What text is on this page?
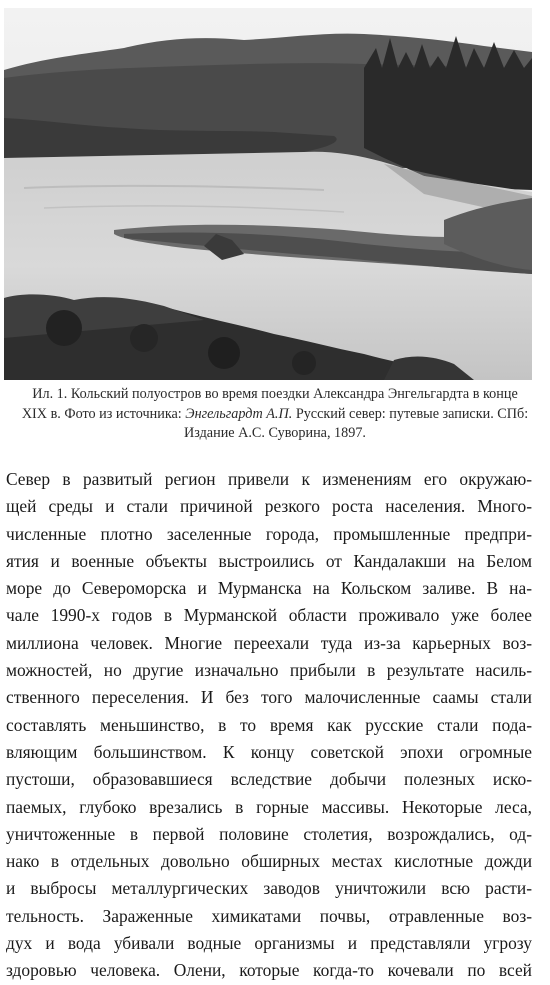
Ил. 1. Кольский полуостров во время поездки Александра Энгельгардта в конце XIX в. Фото из источника: Энгельгардт А.П. Русский север: путевые записки. СПб: Издание А.С. Суворина, 1897.
Север в развитый регион привели к изменениям его окружаю-
щей среды и стали причиной резкого роста населения. Много-
численные плотно заселенные города, промышленные предпри-
ятия и военные объекты выстроились от Кандалакши на Белом
море до Североморска и Мурманска на Кольском заливе. В на-
чале 1990-х годов в Мурманской области проживало уже более
миллиона человек. Многие переехали туда из-за карьерных воз-
можностей, но другие изначально прибыли в результате насиль-
ственного переселения. И без того малочисленные саамы стали
составлять меньшинство, в то время как русские стали пода-
вляющим большинством. К концу советской эпохи огромные
пустоши, образовавшиеся вследствие добычи полезных иско-
паемых, глубоко врезались в горные массивы. Некоторые леса,
уничтоженные в первой половине столетия, возрождались, од-
нако в отдельных довольно обширных местах кислотные дожди
и выбросы металлургических заводов уничтожили всю расти-
тельность. Зараженные химикатами почвы, отравленные воз-
дух и вода убивали водные организмы и представляли угрозу
здоровью человека. Олени, которые когда-то кочевали по всей
